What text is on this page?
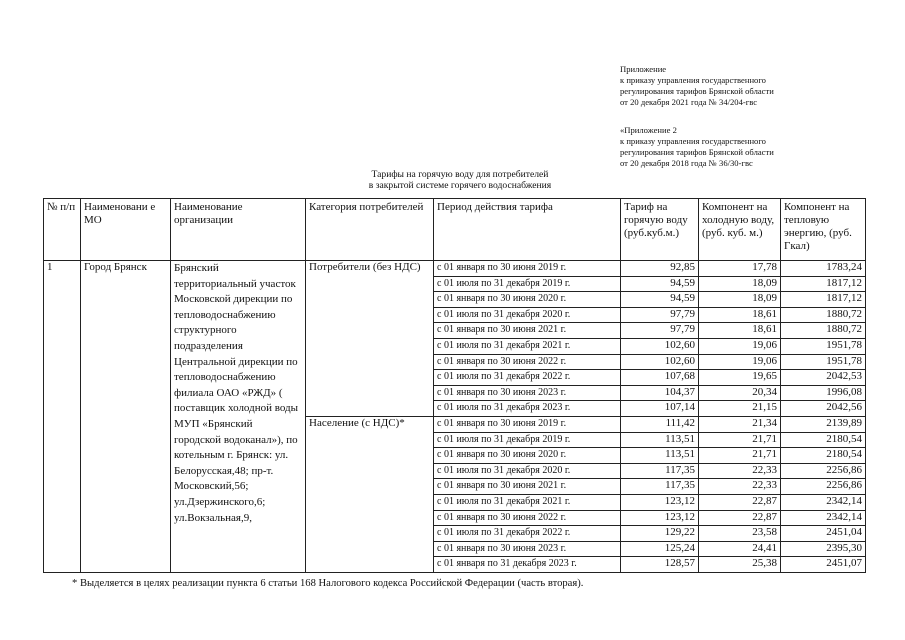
Приложение
к приказу управления государственного
регулирования тарифов Брянской области
от 20 декабря 2021 года № 34/204-гвс
«Приложение 2
к приказу управления государственного
регулирования тарифов Брянской области
от 20 декабря 2018 года № 36/30-гвс
Тарифы на горячую воду для потребителей
в закрытой системе горячего водоснабжения
№ п/п	Наименовани е МО	Наименование организации	Категория потребителей	Период действия тарифа	Тариф на горячую воду (руб.куб.м.)	Компонент на холодную воду, (руб. куб. м.)	Компонент на тепловую энергию, (руб. Гкал)
1	Город Брянск	Брянский территориальный участок Московской дирекции по тепловодоснабжению структурного подразделения Центральной дирекции по тепловодоснабжению филиала ОАО «РЖД» ( поставщик холодной воды МУП «Брянский городской водоканал»), по котельным г. Брянск: ул. Белорусская,48; пр-т. Московский,56; ул.Дзержинского,6; ул.Вокзальная,9,	Потребители (без НДС)	с 01 января по 30 июня 2019 г.	92,85	17,78	1783,24
				с 01 июля по 31 декабря 2019 г.	94,59	18,09	1817,12
				с 01 января по 30 июня 2020 г.	94,59	18,09	1817,12
				с 01 июля по 31 декабря 2020 г.	97,79	18,61	1880,72
				с 01 января по 30 июня 2021 г.	97,79	18,61	1880,72
				с 01 июля по 31 декабря 2021 г.	102,60	19,06	1951,78
				с 01 января по 30 июня 2022 г.	102,60	19,06	1951,78
				с 01 июля по 31 декабря 2022 г.	107,68	19,65	2042,53
				с 01 января по 30 июня 2023 г.	104,37	20,34	1996,08
				с 01 июля по 31 декабря 2023 г.	107,14	21,15	2042,56
			Население (с НДС)*	с 01 января по 30 июня 2019 г.	111,42	21,34	2139,89
				с 01 июля по 31 декабря 2019 г.	113,51	21,71	2180,54
				с 01 января по 30 июня 2020 г.	113,51	21,71	2180,54
				с 01 июля по 31 декабря 2020 г.	117,35	22,33	2256,86
				с 01 января по 30 июня 2021 г.	117,35	22,33	2256,86
				с 01 июля по 31 декабря 2021 г.	123,12	22,87	2342,14
				с 01 января по 30 июня 2022 г.	123,12	22,87	2342,14
				с 01 июля по 31 декабря 2022 г.	129,22	23,58	2451,04
				с 01 января по 30 июня 2023 г.	125,24	24,41	2395,30
				с 01 января по 31 декабря 2023 г.	128,57	25,38	2451,07
* Выделяется в целях реализации пункта 6 статьи 168 Налогового кодекса Российской Федерации (часть вторая).
